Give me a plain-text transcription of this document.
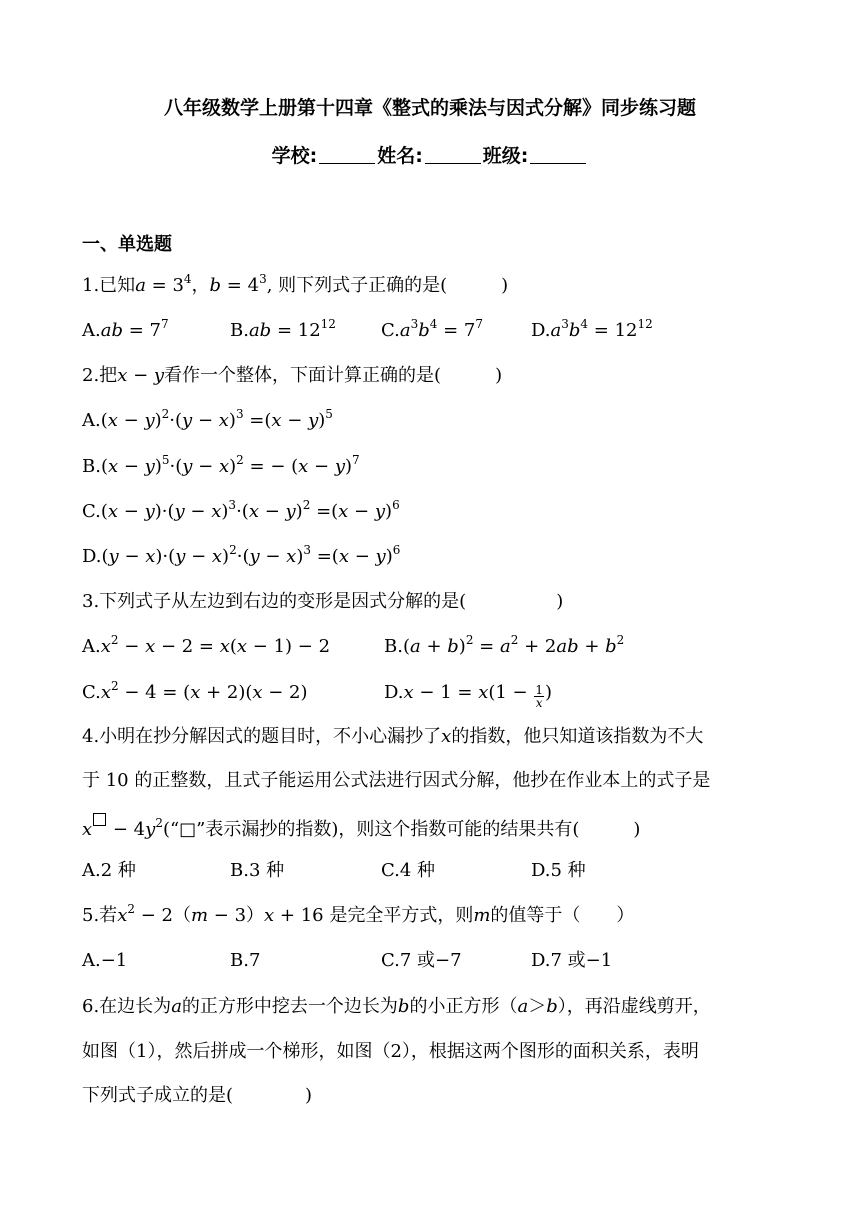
八年级数学上册第十四章《整式的乘法与因式分解》同步练习题
学校:	姓名:	班级:
一、单选题
1.已知$a = 3^4$，$b = 4^3$, 则下列式子正确的是(　　　)
$A.ab = 7^7$	$B.ab = 12^{12}$	$C.a^3b^4 = 7^7$	$D.a^3b^4 = 12^{12}$
2.把x − y看作一个整体，下面计算正确的是(　　　)
$A.(x - y)^2\cdot(y - x)^3 =(x - y)^5$
$B.(x - y)^5\cdot(y - x)^2$ = − $(x - y)^7$
$C.(x - y)\cdot(y - x)^3\cdot(x - y)^2 =(x - y)^6$
$D.(y - x)\cdot(y - x)^2\cdot(y - x)^3 =(x - y)^6$
3.下列式子从左边到右边的变形是因式分解的是(　　　　　)
$A.x^2 - x - 2 = x(x - 1) - 2$	$B.(a + b)^2 = a^2 + 2ab + b^2$
$C.x^2 - 4 = (x + 2)(x - 2)$	$D.x - 1 = x(1 - \frac{1}{x}$ )
4.小明在抄分解因式的题目时，不小心漏抄了x的指数，他只知道该指数为不大
于 10 的正整数，且式子能运用公式法进行因式分解，他抄在作业本上的式子是
$x - 4y^2(“□$”表示漏抄的指数)，则这个指数可能的结果共有(　　　)
A.2 种	B.3 种	C.4 种	D.5 种
5.若$x^2 - 2(m - 3)x + 16$ 是完全平方式，则m的值等于（　　）
A.−1	B.7	C.7 或−7	D.7 或−1
6.在边长为a的正方形中挖去一个边长为b的小正方形（a＞b），再沿虚线剪开，
如图（1），然后拼成一个梯形，如图（2），根据这两个图形的面积关系，表明
下列式子成立的是(　　　　)
